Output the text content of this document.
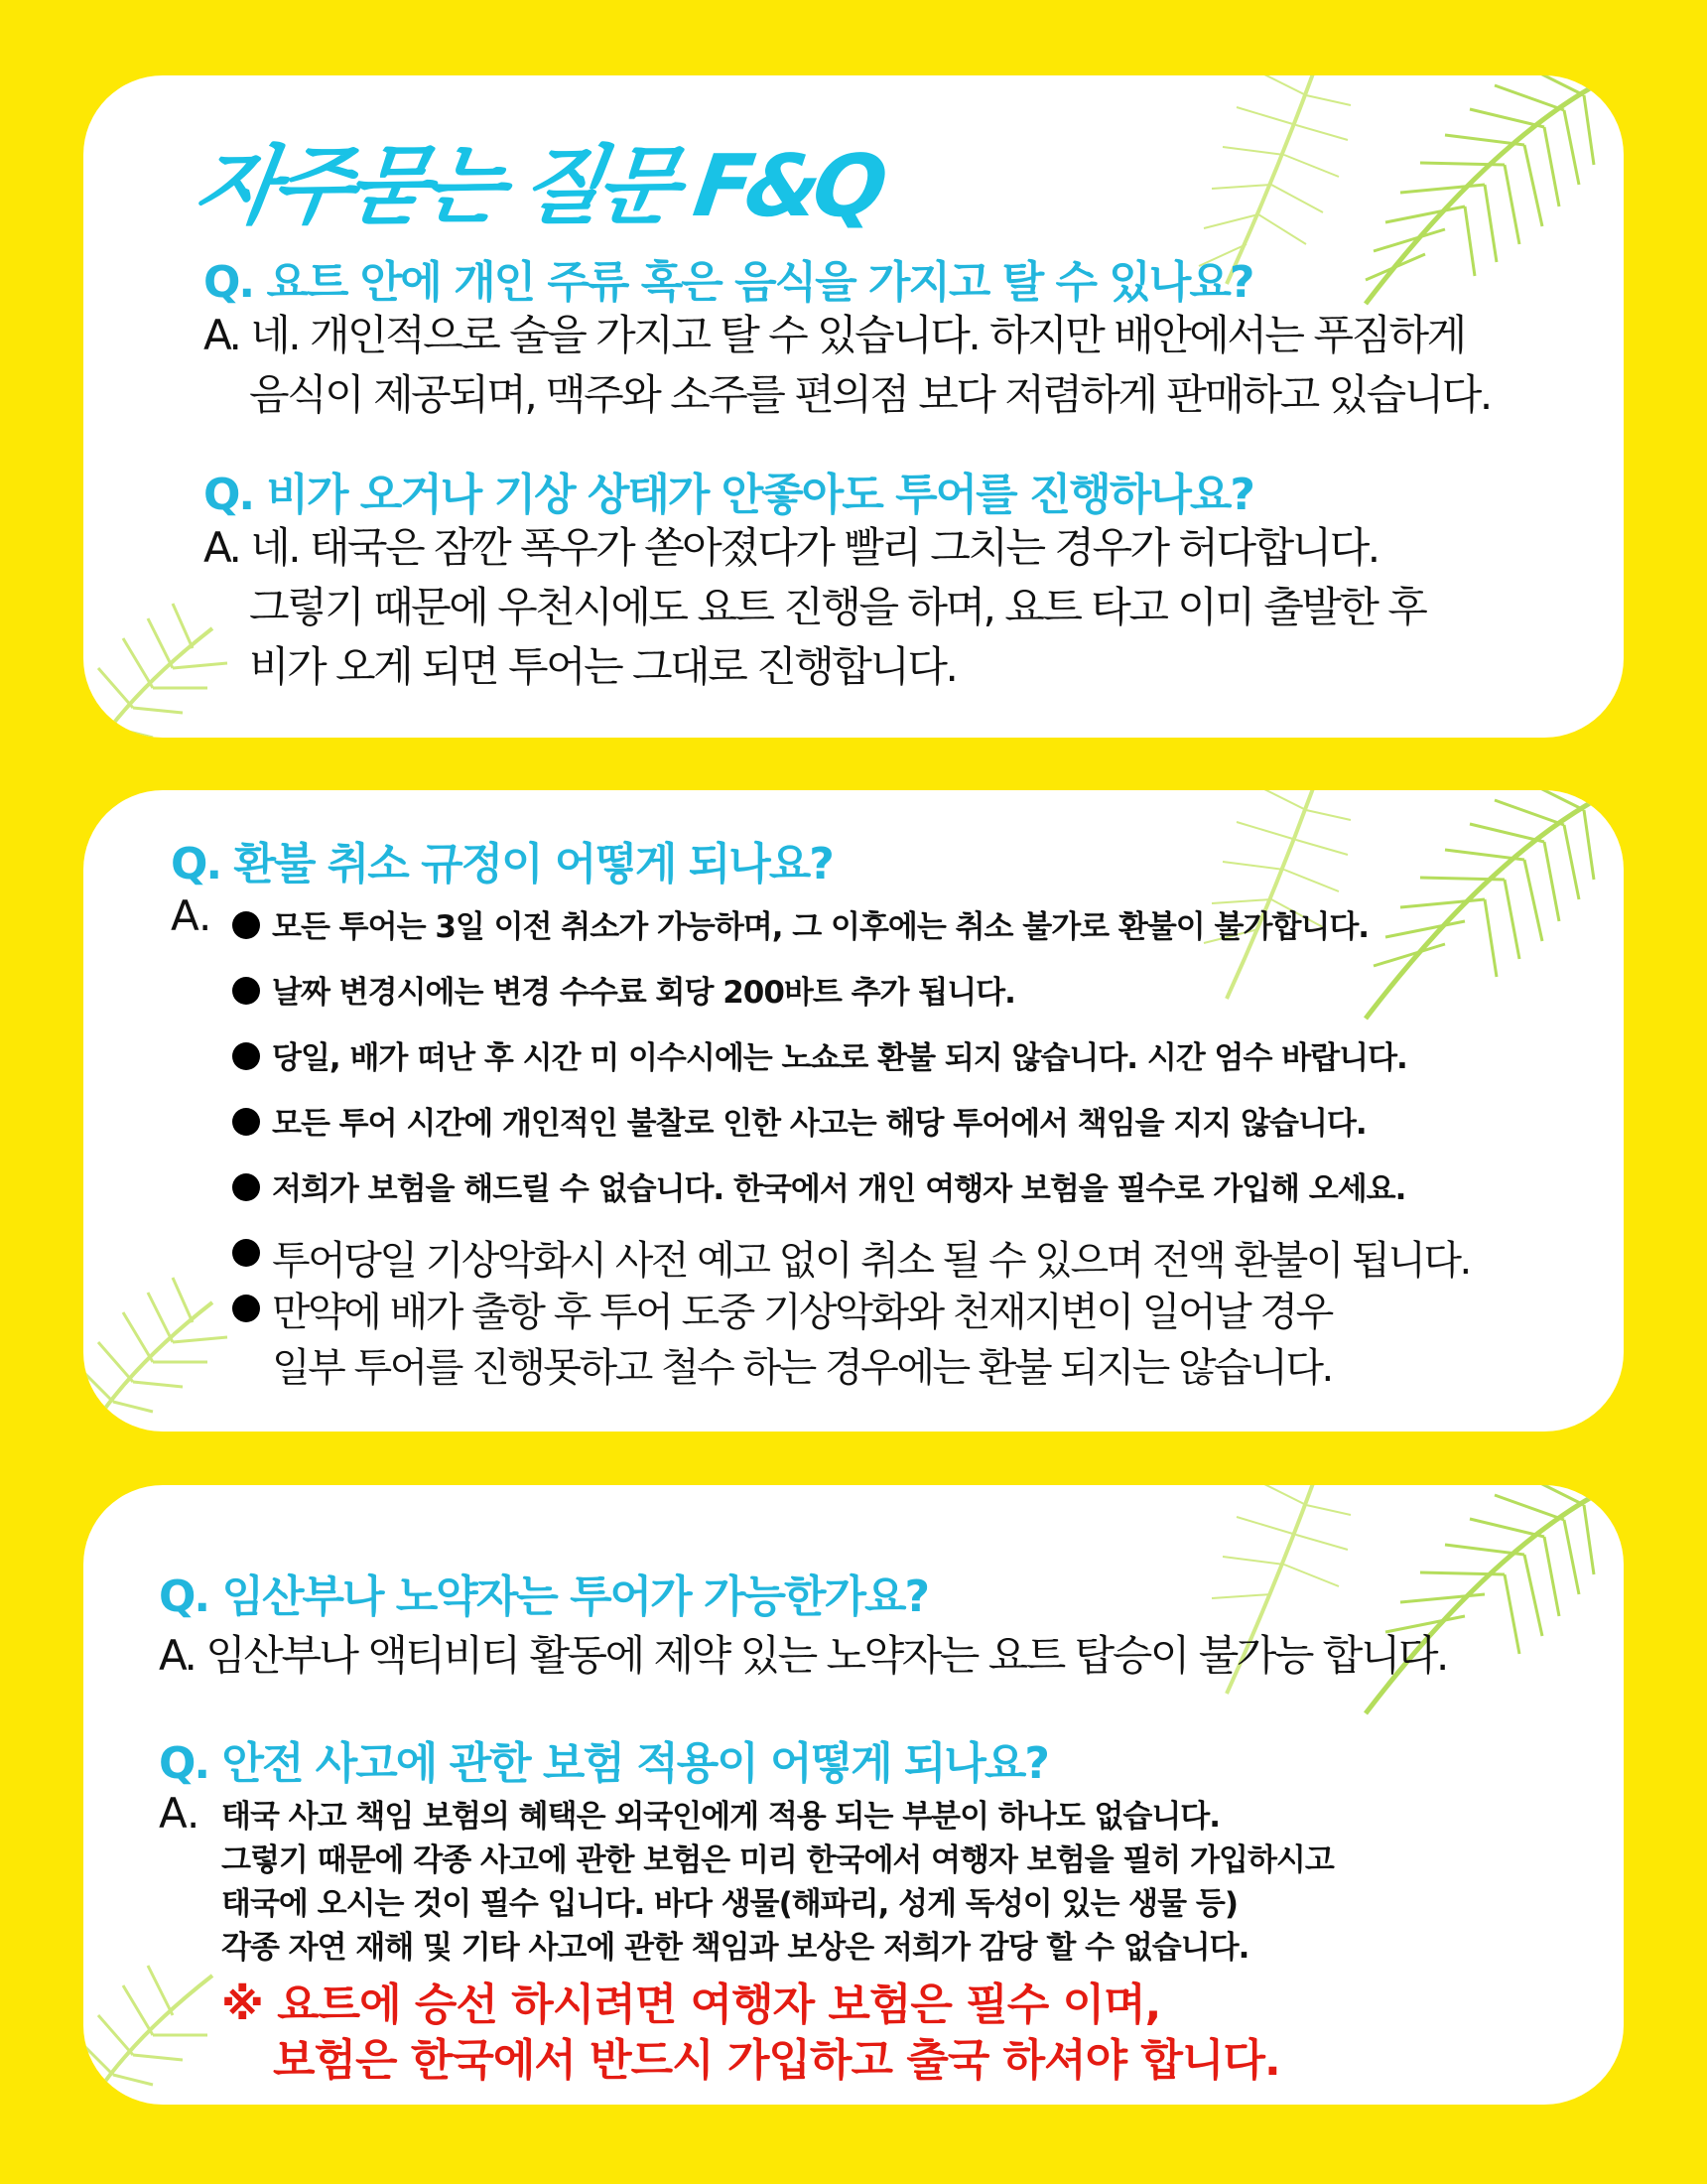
자주묻는 질문 F&Q

Q. 요트 안에 개인 주류 혹은 음식을 가지고 탈 수 있나요?

A. 네. 개인적으로 술을 가지고 탈 수 있습니다. 하지만 배안에서는 푸짐하게
음식이 제공되며, 맥주와 소주를 편의점 보다 저렴하게 판매하고 있습니다.

Q. 비가 오거나 기상 상태가 안좋아도 투어를 진행하나요?

A. 네. 태국은 잠깐 폭우가 쏟아졌다가 빨리 그치는 경우가 허다합니다.
그렇기 때문에 우천시에도 요트 진행을 하며, 요트 타고 이미 출발한 후
비가 오게 되면 투어는 그대로 진행합니다.

Q. 환불 취소 규정이 어떻게 되나요?

A.	모든 투어는 3일 이전 취소가 가능하며, 그 이후에는 취소 불가로 환불이 불가합니다.
날짜 변경시에는 변경 수수료 회당 200바트 추가 됩니다.
당일, 배가 떠난 후 시간 미 이수시에는 노쇼로 환불 되지 않습니다. 시간 엄수 바랍니다.
모든 투어 시간에 개인적인 불찰로 인한 사고는 해당 투어에서 책임을 지지 않습니다.
저희가 보험을 해드릴 수 없습니다. 한국에서 개인 여행자 보험을 필수로 가입해 오세요.
투어당일 기상악화시 사전 예고 없이 취소 될 수 있으며 전액 환불이 됩니다.
만약에 배가 출항 후 투어 도중 기상악화와 천재지변이 일어날 경우
일부 투어를 진행못하고 철수 하는 경우에는 환불 되지는 않습니다.

Q. 임산부나 노약자는 투어가 가능한가요?

A. 임산부나 액티비티 활동에 제약 있는 노약자는 요트 탑승이 불가능 합니다.

Q. 안전 사고에 관한 보험 적용이 어떻게 되나요?

A. 태국 사고 책임 보험의 혜택은 외국인에게 적용 되는 부분이 하나도 없습니다.
그렇기 때문에 각종 사고에 관한 보험은 미리 한국에서 여행자 보험을 필히 가입하시고
태국에 오시는 것이 필수 입니다. 바다 생물(해파리, 성게 독성이 있는 생물 등)
각종 자연 재해 및 기타 사고에 관한 책임과 보상은 저희가 감당 할 수 없습니다.

※ 요트에 승선 하시려면 여행자 보험은 필수 이며,
보험은 한국에서 반드시 가입하고 출국 하셔야 합니다.
